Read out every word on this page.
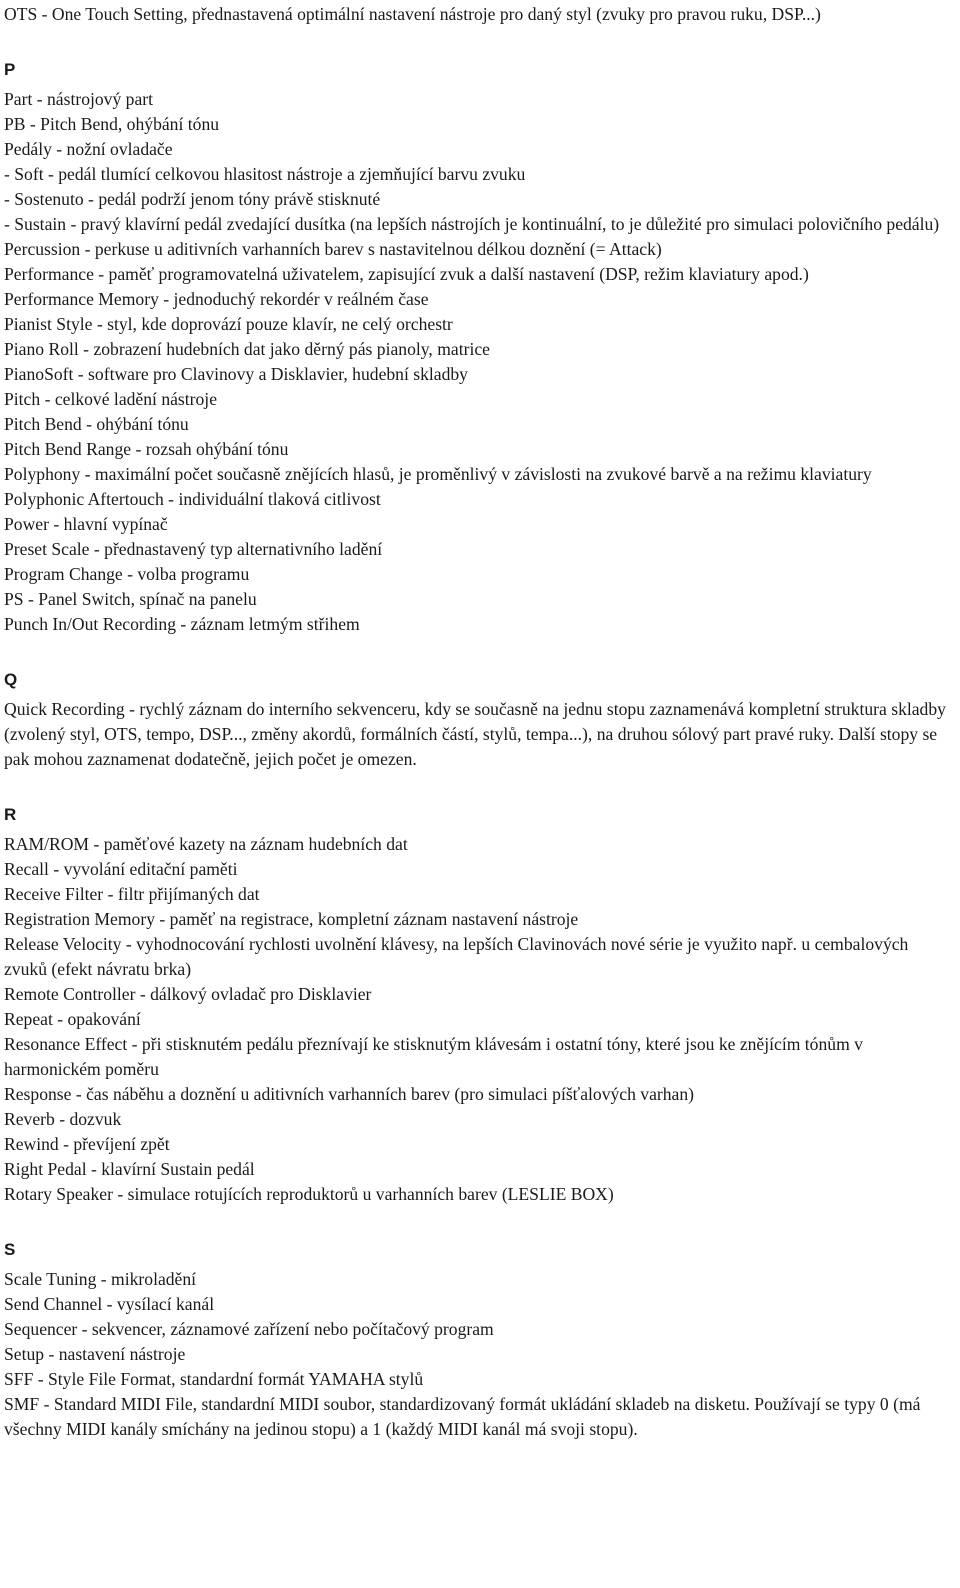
OTS - One Touch Setting, přednastavená optimální nastavení nástroje pro daný styl (zvuky pro pravou ruku, DSP...)

P

Part - nástrojový part

PB - Pitch Bend, ohýbání tónu

Pedály - nožní ovladače

- Soft - pedál tlumící celkovou hlasitost nástroje a zjemňující barvu zvuku

- Sostenuto - pedál podrží jenom tóny právě stisknuté

- Sustain - pravý klavírní pedál zvedající dusítka (na lepších nástrojích je kontinuální, to je důležité pro simulaci polovičního pedálu)

Percussion - perkuse u aditivních varhanních barev s nastavitelnou délkou doznění (= Attack)

Performance - paměť programovatelná uživatelem, zapisující zvuk a další nastavení (DSP, režim klaviatury apod.)

Performance Memory - jednoduchý rekordér v reálném čase

Pianist Style - styl, kde doprovází pouze klavír, ne celý orchestr

Piano Roll - zobrazení hudebních dat jako děrný pás pianoly, matrice

PianoSoft - software pro Clavinovy a Disklavier, hudební skladby

Pitch - celkové ladění nástroje

Pitch Bend - ohýbání tónu

Pitch Bend Range - rozsah ohýbání tónu

Polyphony - maximální počet současně znějících hlasů, je proměnlivý v závislosti na zvukové barvě a na režimu klaviatury

Polyphonic Aftertouch - individuální tlaková citlivost

Power - hlavní vypínač

Preset Scale - přednastavený typ alternativního ladění

Program Change - volba programu

PS - Panel Switch, spínač na panelu

Punch In/Out Recording - záznam letmým střihem

Q

Quick Recording - rychlý záznam do interního sekvenceru, kdy se současně na jednu stopu zaznamenává kompletní struktura skladby (zvolený styl, OTS, tempo, DSP..., změny akordů, formálních částí, stylů, tempa...), na druhou sólový part pravé ruky. Další stopy se pak mohou zaznamenat dodatečně, jejich počet je omezen.

R

RAM/ROM - paměťové kazety na záznam hudebních dat

Recall - vyvolání editační paměti

Receive Filter - filtr přijímaných dat

Registration Memory - paměť na registrace, kompletní záznam nastavení nástroje

Release Velocity - vyhodnocování rychlosti uvolnění klávesy, na lepších Clavinovách nové série je využito např. u cembalových zvuků (efekt návratu brka)

Remote Controller - dálkový ovladač pro Disklavier

Repeat - opakování

Resonance Effect - při stisknutém pedálu přeznívají ke stisknutým klávesám i ostatní tóny, které jsou ke znějícím tónům v harmonickém poměru

Response - čas náběhu a doznění u aditivních varhanních barev (pro simulaci píšťalových varhan)

Reverb - dozvuk

Rewind - převíjení zpět

Right Pedal - klavírní Sustain pedál

Rotary Speaker - simulace rotujících reproduktorů u varhanních barev (LESLIE BOX)

S

Scale Tuning - mikroladění

Send Channel - vysílací kanál

Sequencer - sekvencer, záznamové zařízení nebo počítačový program

Setup - nastavení nástroje

SFF - Style File Format, standardní formát YAMAHA stylů

SMF - Standard MIDI File, standardní MIDI soubor, standardizovaný formát ukládání skladeb na disketu. Používají se typy 0 (má všechny MIDI kanály smíchány na jedinou stopu) a 1 (každý MIDI kanál má svoji stopu).
